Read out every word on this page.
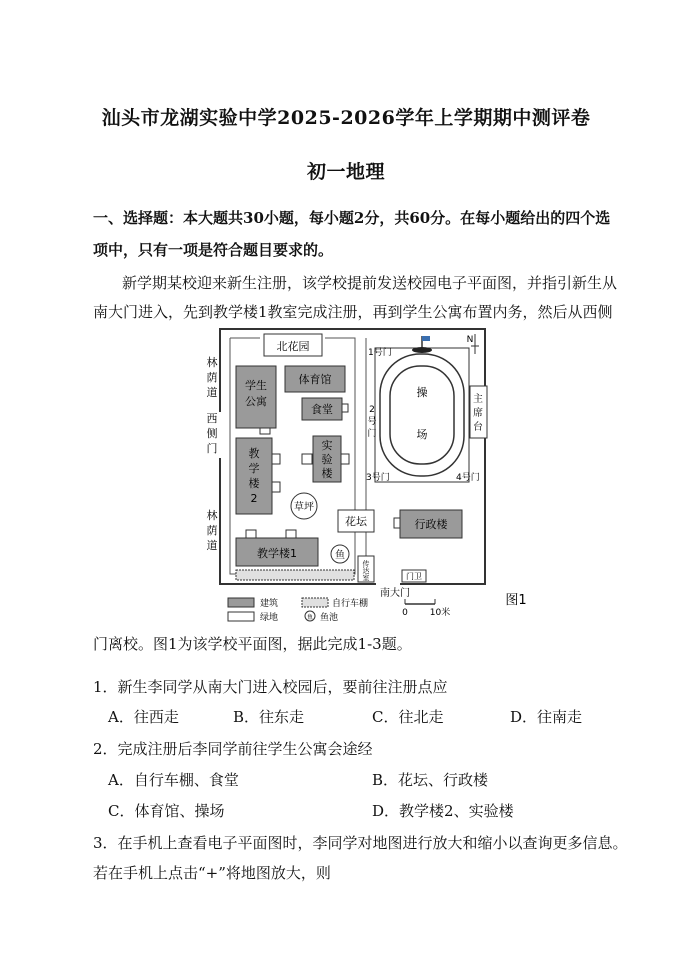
汕头市龙湖实验中学2025-2026学年上学期期中测评卷
初一地理
一、选择题：本大题共30小题，每小题2分，共60分。在每小题给出的四个选
项中，只有一项是符合题目要求的。
新学期某校迎来新生注册，该学校提前发送校园电子平面图，并指引新生从
南大门进入，先到教学楼1教室完成注册，再到学生公寓布置内务，然后从西侧
北花园
学生
公寓
体育馆
食堂
教
学
楼
2
实
验
楼
草坪
教学楼1	鱼
花坛	行政楼
操
场
主
席
台
1号门
2
号
门
3号门	4号门
N
林
荫
道
西
侧
门
林
荫
道
传
达
室	门卫
南大门
建筑	自行车棚
绿地	鱼 鱼池	0 10米
图1
门离校。图1为该学校平面图，据此完成1-3题。
1．新生李同学从南大门进入校园后，要前往注册点应
A．往西走	B．往东走	C．往北走	D．往南走
2．完成注册后李同学前往学生公寓会途经
A．自行车棚、食堂	B．花坛、行政楼
C．体育馆、操场	D．教学楼2、实验楼
3．在手机上查看电子平面图时，李同学对地图进行放大和缩小以查询更多信息。
若在手机上点击“+”将地图放大，则
